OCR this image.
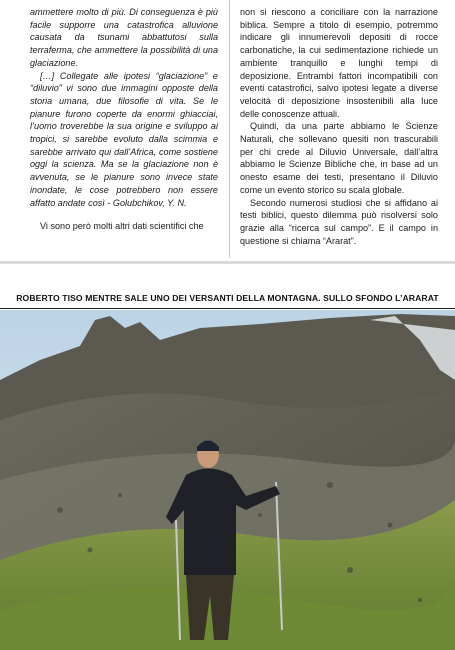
ammettere molto di più. Di conseguenza è più facile supporre una catastrofica alluvione causata da tsunami abbattutosi sulla terraferma, che ammettere la possibilità di una glaciazione.

[…] Collegate alle ipotesi “glaciazione” e “diluvio” vi sono due immagini opposte della storia umana, due filosofie di vita. Se le pianure furono coperte da enormi ghiacciai, l’uomo troverebbe la sua origine e sviluppo ai tropici, si sarebbe evoluto dalla scimmia e sarebbe arrivato qui dall’Africa, come sostiene oggi la scienza. Ma se la glaciazione non è avvenuta, se le pianure sono invece state inondate, le cose potrebbero non essere affatto andate così - Golubchikov, Y. N.

Vi sono però molti altri dati scientifici che

non si riescono a conciliare con la narrazione biblica. Sempre a titolo di esempio, potremmo indicare gli innumerevoli depositi di rocce carbonatiche, la cui sedimentazione richiede un ambiente tranquillo e lunghi tempi di deposizione. Entrambi fattori incompatibili con eventi catastrofici, salvo ipotesi legate a diverse velocità di deposizione insostenibili alla luce delle conoscenze attuali.

Quindi, da una parte abbiamo le Scienze Naturali, che sollevano quesiti non trascurabili per chi crede al Diluvio Universale, dall’altra abbiamo le Scienze Bibliche che, in base ad un onesto esame dei testi, presentano il Diluvio come un evento storico su scala globale.

Secondo numerosi studiosi che si affidano ai testi biblici, questo dilemma può risolversi solo grazie alla “ricerca sul campo”. E il campo in questione si chiama “Ararat”.

ROBERTO TISO MENTRE SALE UNO DEI VERSANTI DELLA MONTAGNA. SULLO SFONDO L’ARARAT
